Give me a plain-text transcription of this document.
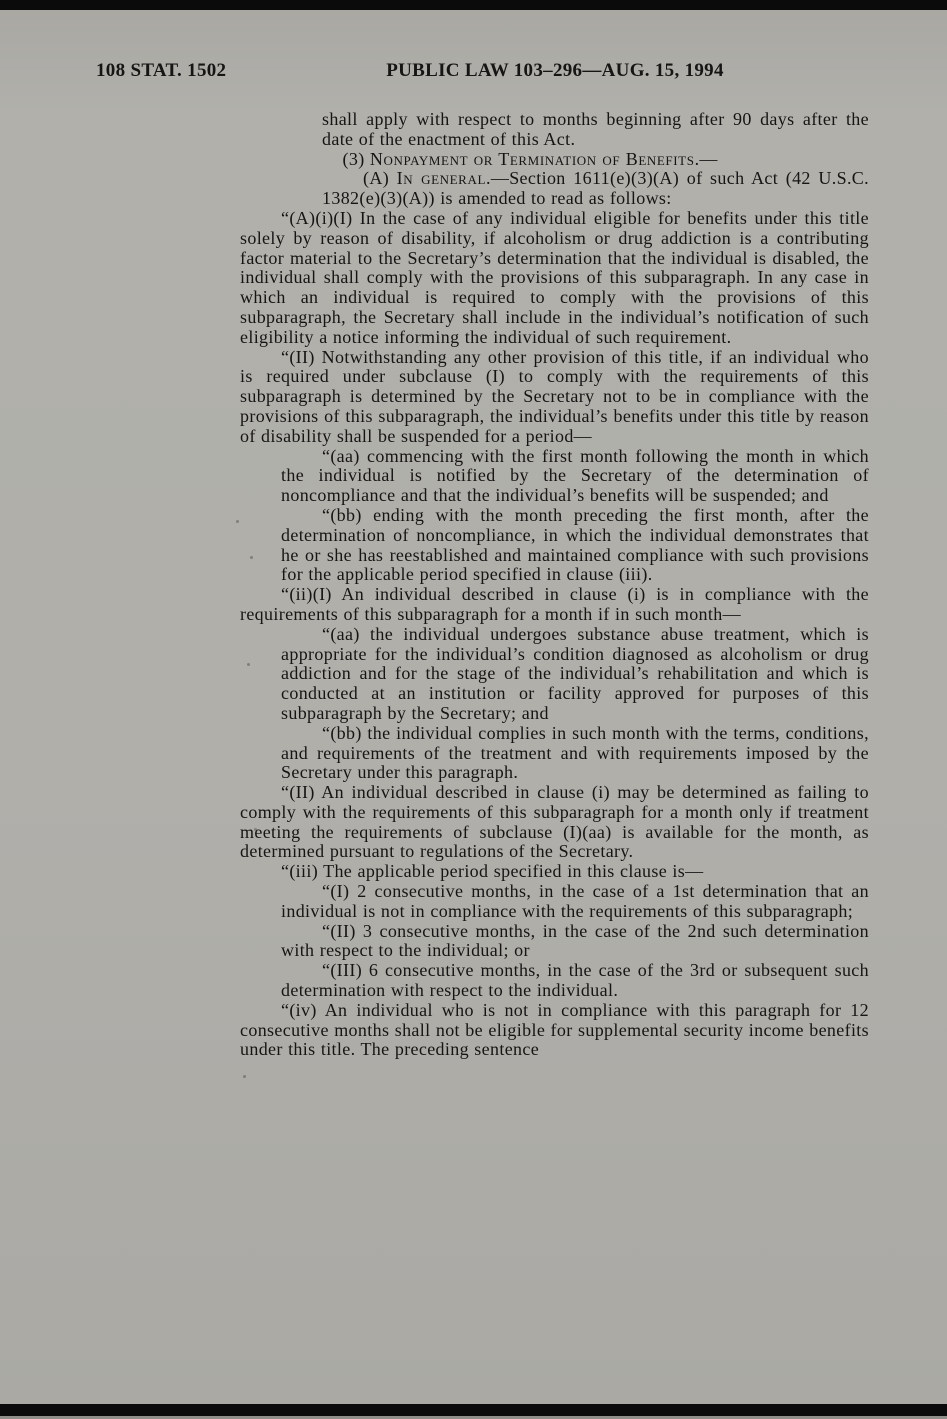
108 STAT. 1502	PUBLIC LAW 103–296—AUG. 15, 1994

shall apply with respect to months beginning after 90 days after the date of the enactment of this Act.

(3) Nonpayment or Termination of Benefits.—

(A) In general.—Section 1611(e)(3)(A) of such Act (42 U.S.C. 1382(e)(3)(A)) is amended to read as follows:

“(A)(i)(I) In the case of any individual eligible for benefits under this title solely by reason of disability, if alcoholism or drug addiction is a contributing factor material to the Secretary’s determination that the individual is disabled, the individual shall comply with the provisions of this subparagraph. In any case in which an individual is required to comply with the provisions of this subparagraph, the Secretary shall include in the individual’s notification of such eligibility a notice informing the individual of such requirement.

“(II) Notwithstanding any other provision of this title, if an individual who is required under subclause (I) to comply with the requirements of this subparagraph is determined by the Secretary not to be in compliance with the provisions of this subparagraph, the individual’s benefits under this title by reason of disability shall be suspended for a period—

“(aa) commencing with the first month following the month in which the individual is notified by the Secretary of the determination of noncompliance and that the individual’s benefits will be suspended; and

“(bb) ending with the month preceding the first month, after the determination of noncompliance, in which the individual demonstrates that he or she has reestablished and maintained compliance with such provisions for the applicable period specified in clause (iii).

“(ii)(I) An individual described in clause (i) is in compliance with the requirements of this subparagraph for a month if in such month—

“(aa) the individual undergoes substance abuse treatment, which is appropriate for the individual’s condition diagnosed as alcoholism or drug addiction and for the stage of the individual’s rehabilitation and which is conducted at an institution or facility approved for purposes of this subparagraph by the Secretary; and

“(bb) the individual complies in such month with the terms, conditions, and requirements of the treatment and with requirements imposed by the Secretary under this paragraph.

“(II) An individual described in clause (i) may be determined as failing to comply with the requirements of this subparagraph for a month only if treatment meeting the requirements of subclause (I)(aa) is available for the month, as determined pursuant to regulations of the Secretary.

“(iii) The applicable period specified in this clause is—

“(I) 2 consecutive months, in the case of a 1st determination that an individual is not in compliance with the requirements of this subparagraph;

“(II) 3 consecutive months, in the case of the 2nd such determination with respect to the individual; or

“(III) 6 consecutive months, in the case of the 3rd or subsequent such determination with respect to the individual.

“(iv) An individual who is not in compliance with this paragraph for 12 consecutive months shall not be eligible for supplemental security income benefits under this title. The preceding sentence
